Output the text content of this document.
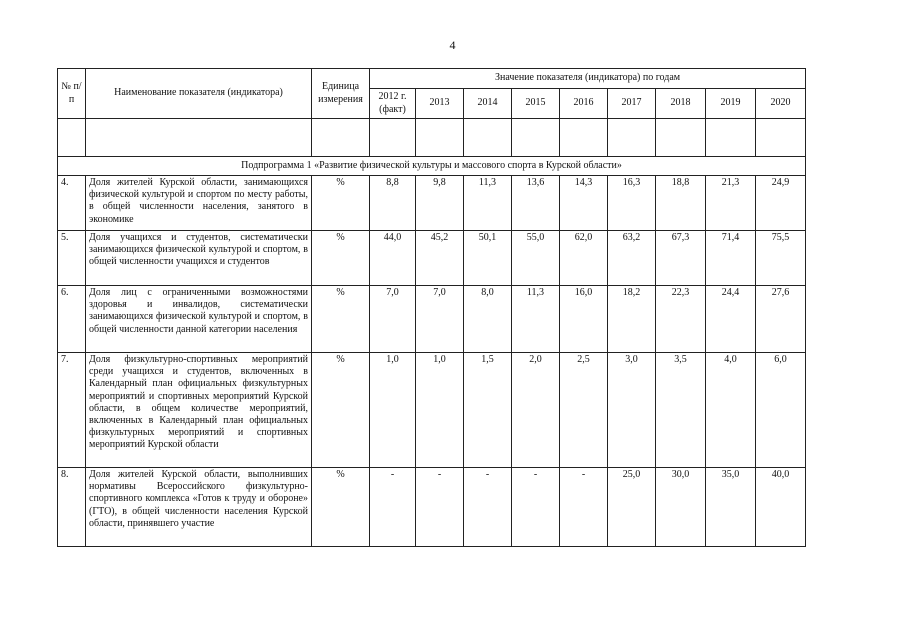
4
№ п/п	Наименование показателя (индикатора)	Единица измерения	Значение показателя (индикатора) по годам								
			2012 г. (факт)	2013	2014	2015	2016	2017	2018	2019	2020

Подпрограмма 1 «Развитие физической культуры и массового спорта в Курской области»											
4.	Доля жителей Курской области, занимающихся физической культурой и спортом по месту работы, в общей численности населения, занятого в экономике	%	8,8	9,8	11,3	13,6	14,3	16,3	18,8	21,3	24,9
5.	Доля учащихся и студентов, систематически занимающихся физической культурой и спортом, в общей численности учащихся и студентов	%	44,0	45,2	50,1	55,0	62,0	63,2	67,3	71,4	75,5
6.	Доля лиц с ограниченными возможностями здоровья и инвалидов, систематически занимающихся физической культурой и спортом, в общей численности данной категории населения	%	7,0	7,0	8,0	11,3	16,0	18,2	22,3	24,4	27,6
7.	Доля физкультурно-спортивных мероприятий среди учащихся и студентов, включенных в Календарный план официальных физкультурных мероприятий и спортивных мероприятий Курской области, в общем количестве мероприятий, включенных в Календарный план официальных физкультурных мероприятий и спортивных мероприятий Курской области	%	1,0	1,0	1,5	2,0	2,5	3,0	3,5	4,0	6,0
8.	Доля жителей Курской области, выполнивших нормативы Всероссийского физкультурно-спортивного комплекса «Готов к труду и обороне» (ГТО), в общей численности населения Курской области, принявшего участие	%	-	-	-	-	-	25,0	30,0	35,0	40,0
